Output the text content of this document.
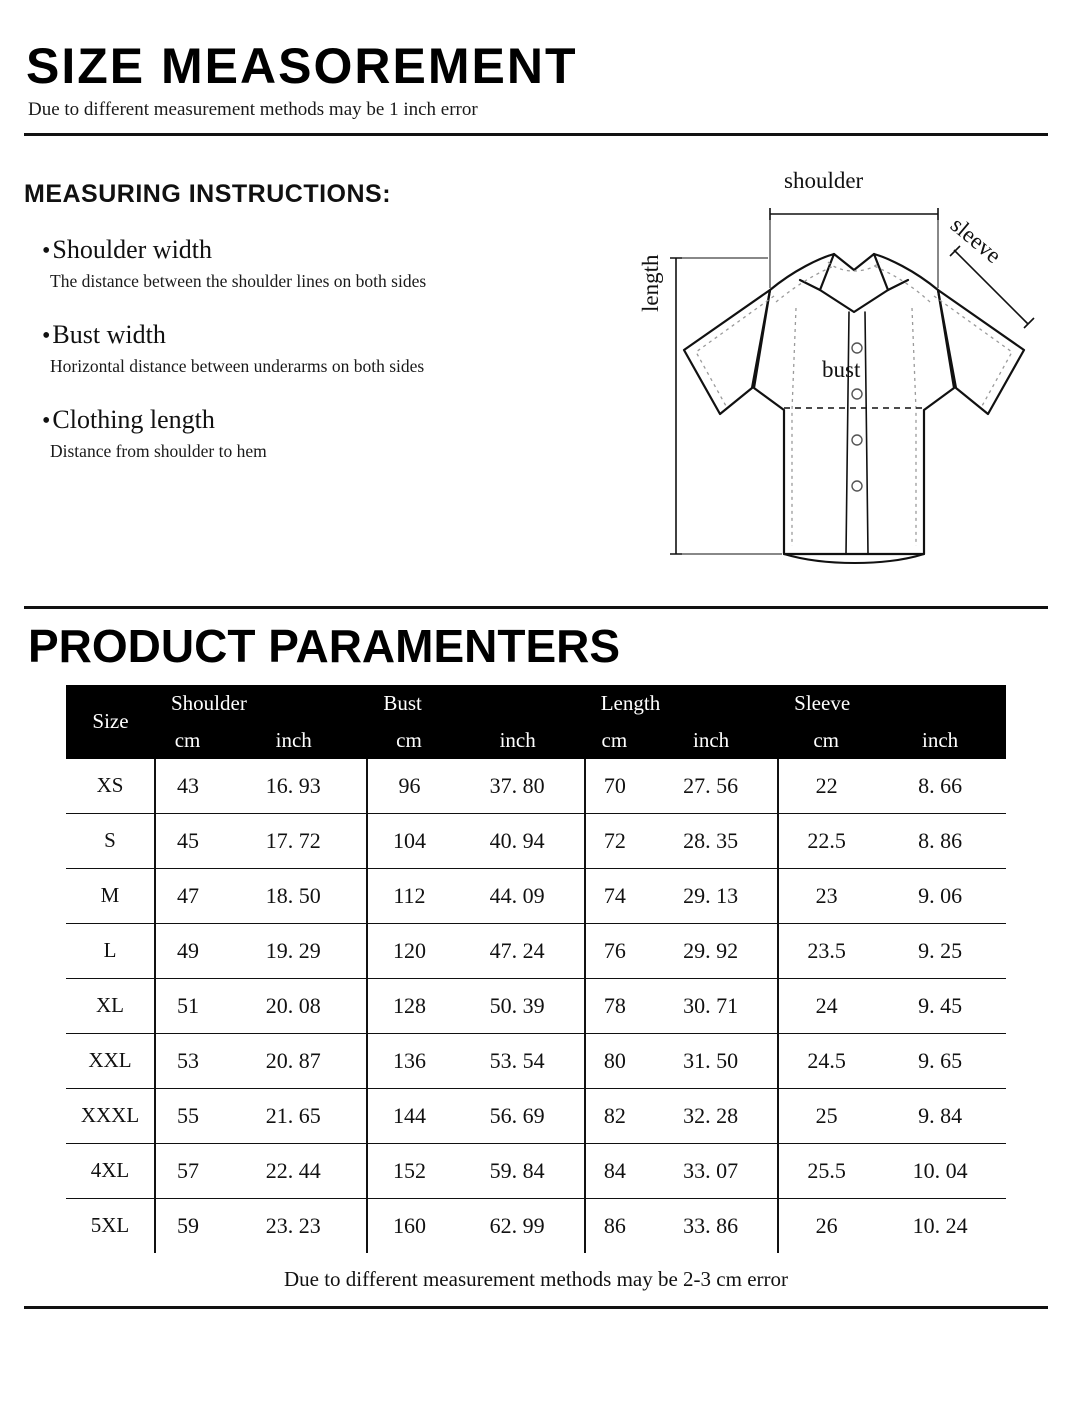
SIZE MEASOREMENT
Due to different measurement methods may be 1 inch error
MEASURING INSTRUCTIONS:
•Shoulder width
The distance between the shoulder lines on both sides
•Bust width
Horizontal distance between underarms on both sides
•Clothing length
Distance from shoulder to hem
shoulder
sleeve
length
bust
PRODUCT PARAMENTERS
Size	Shoulder		Bust		Length		Sleeve	
	cm	inch	cm	inch	cm	inch	cm	inch
XS	43	16. 93	96	37. 80	70	27. 56	22	8. 66
S	45	17. 72	104	40. 94	72	28. 35	22.5	8. 86
M	47	18. 50	112	44. 09	74	29. 13	23	9. 06
L	49	19. 29	120	47. 24	76	29. 92	23.5	9. 25
XL	51	20. 08	128	50. 39	78	30. 71	24	9. 45
XXL	53	20. 87	136	53. 54	80	31. 50	24.5	9. 65
XXXL	55	21. 65	144	56. 69	82	32. 28	25	9. 84
4XL	57	22. 44	152	59. 84	84	33. 07	25.5	10. 04
5XL	59	23. 23	160	62. 99	86	33. 86	26	10. 24
Due to different measurement methods may be 2-3 cm error
